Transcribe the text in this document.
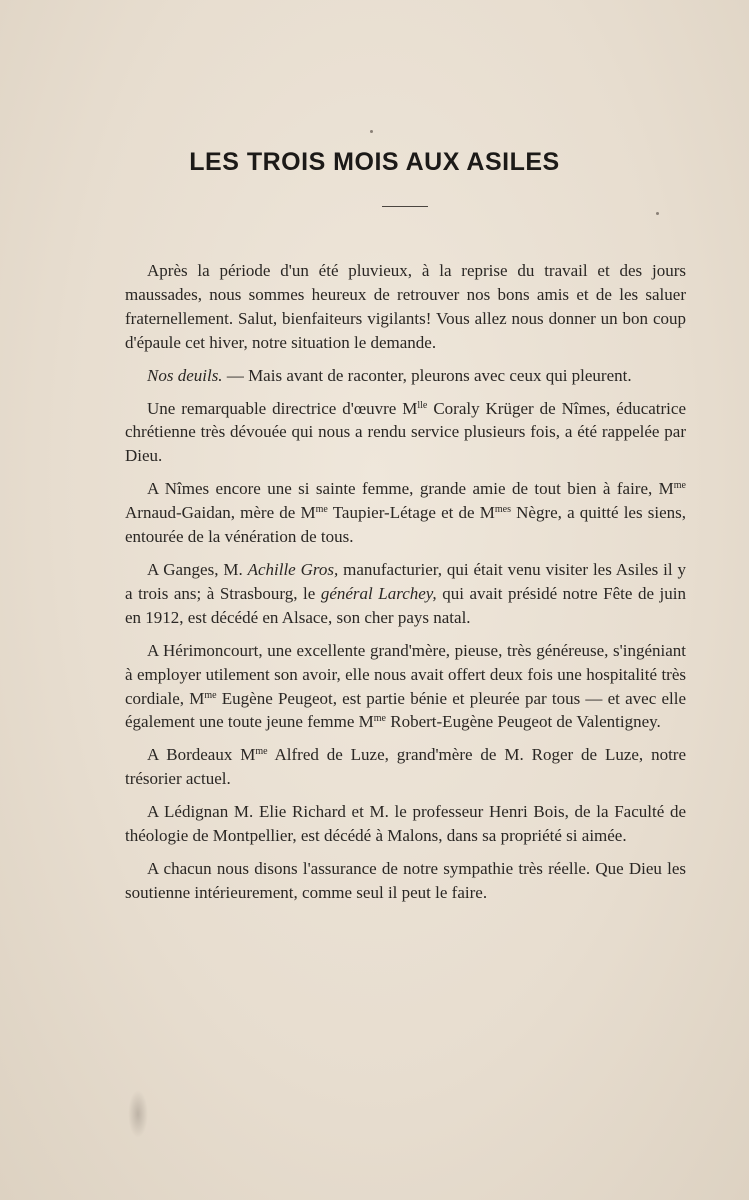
LES TROIS MOIS AUX ASILES

Après la période d'un été pluvieux, à la reprise du travail et des jours maussades, nous sommes heureux de retrouver nos bons amis et de les saluer fraternellement. Salut, bienfaiteurs vigilants! Vous allez nous donner un bon coup d'épaule cet hiver, notre situation le demande.

Nos deuils. — Mais avant de raconter, pleurons avec ceux qui pleurent.

Une remarquable directrice d'œuvre $M^{lle}$ Coraly Krüger de Nîmes, éducatrice chrétienne très dévouée qui nous a rendu service plusieurs fois, a été rappelée par Dieu.

A Nîmes encore une si sainte femme, grande amie de tout bien à faire, $M^{me}$ Arnaud-Gaidan, mère de $M^{me}$ Taupier-Létage et de $M^{mes}$ Nègre, a quitté les siens, entourée de la vénération de tous.

A Ganges, M. Achille Gros, manufacturier, qui était venu visiter les Asiles il y a trois ans; à Strasbourg, le général Larchey, qui avait présidé notre Fête de juin en 1912, est décédé en Alsace, son cher pays natal.

A Hérimoncourt, une excellente grand'mère, pieuse, très généreuse, s'ingéniant à employer utilement son avoir, elle nous avait offert deux fois une hospitalité très cordiale, $M^{me}$ Eugène Peugeot, est partie bénie et pleurée par tous — et avec elle également une toute jeune femme $M^{me}$ Robert-Eugène Peugeot de Valentigney.

A Bordeaux $M^{me}$ Alfred de Luze, grand'mère de M. Roger de Luze, notre trésorier actuel.

A Lédignan M. Elie Richard et M. le professeur Henri Bois, de la Faculté de théologie de Montpellier, est décédé à Malons, dans sa propriété si aimée.

A chacun nous disons l'assurance de notre sympathie très réelle. Que Dieu les soutienne intérieurement, comme seul il peut le faire.
